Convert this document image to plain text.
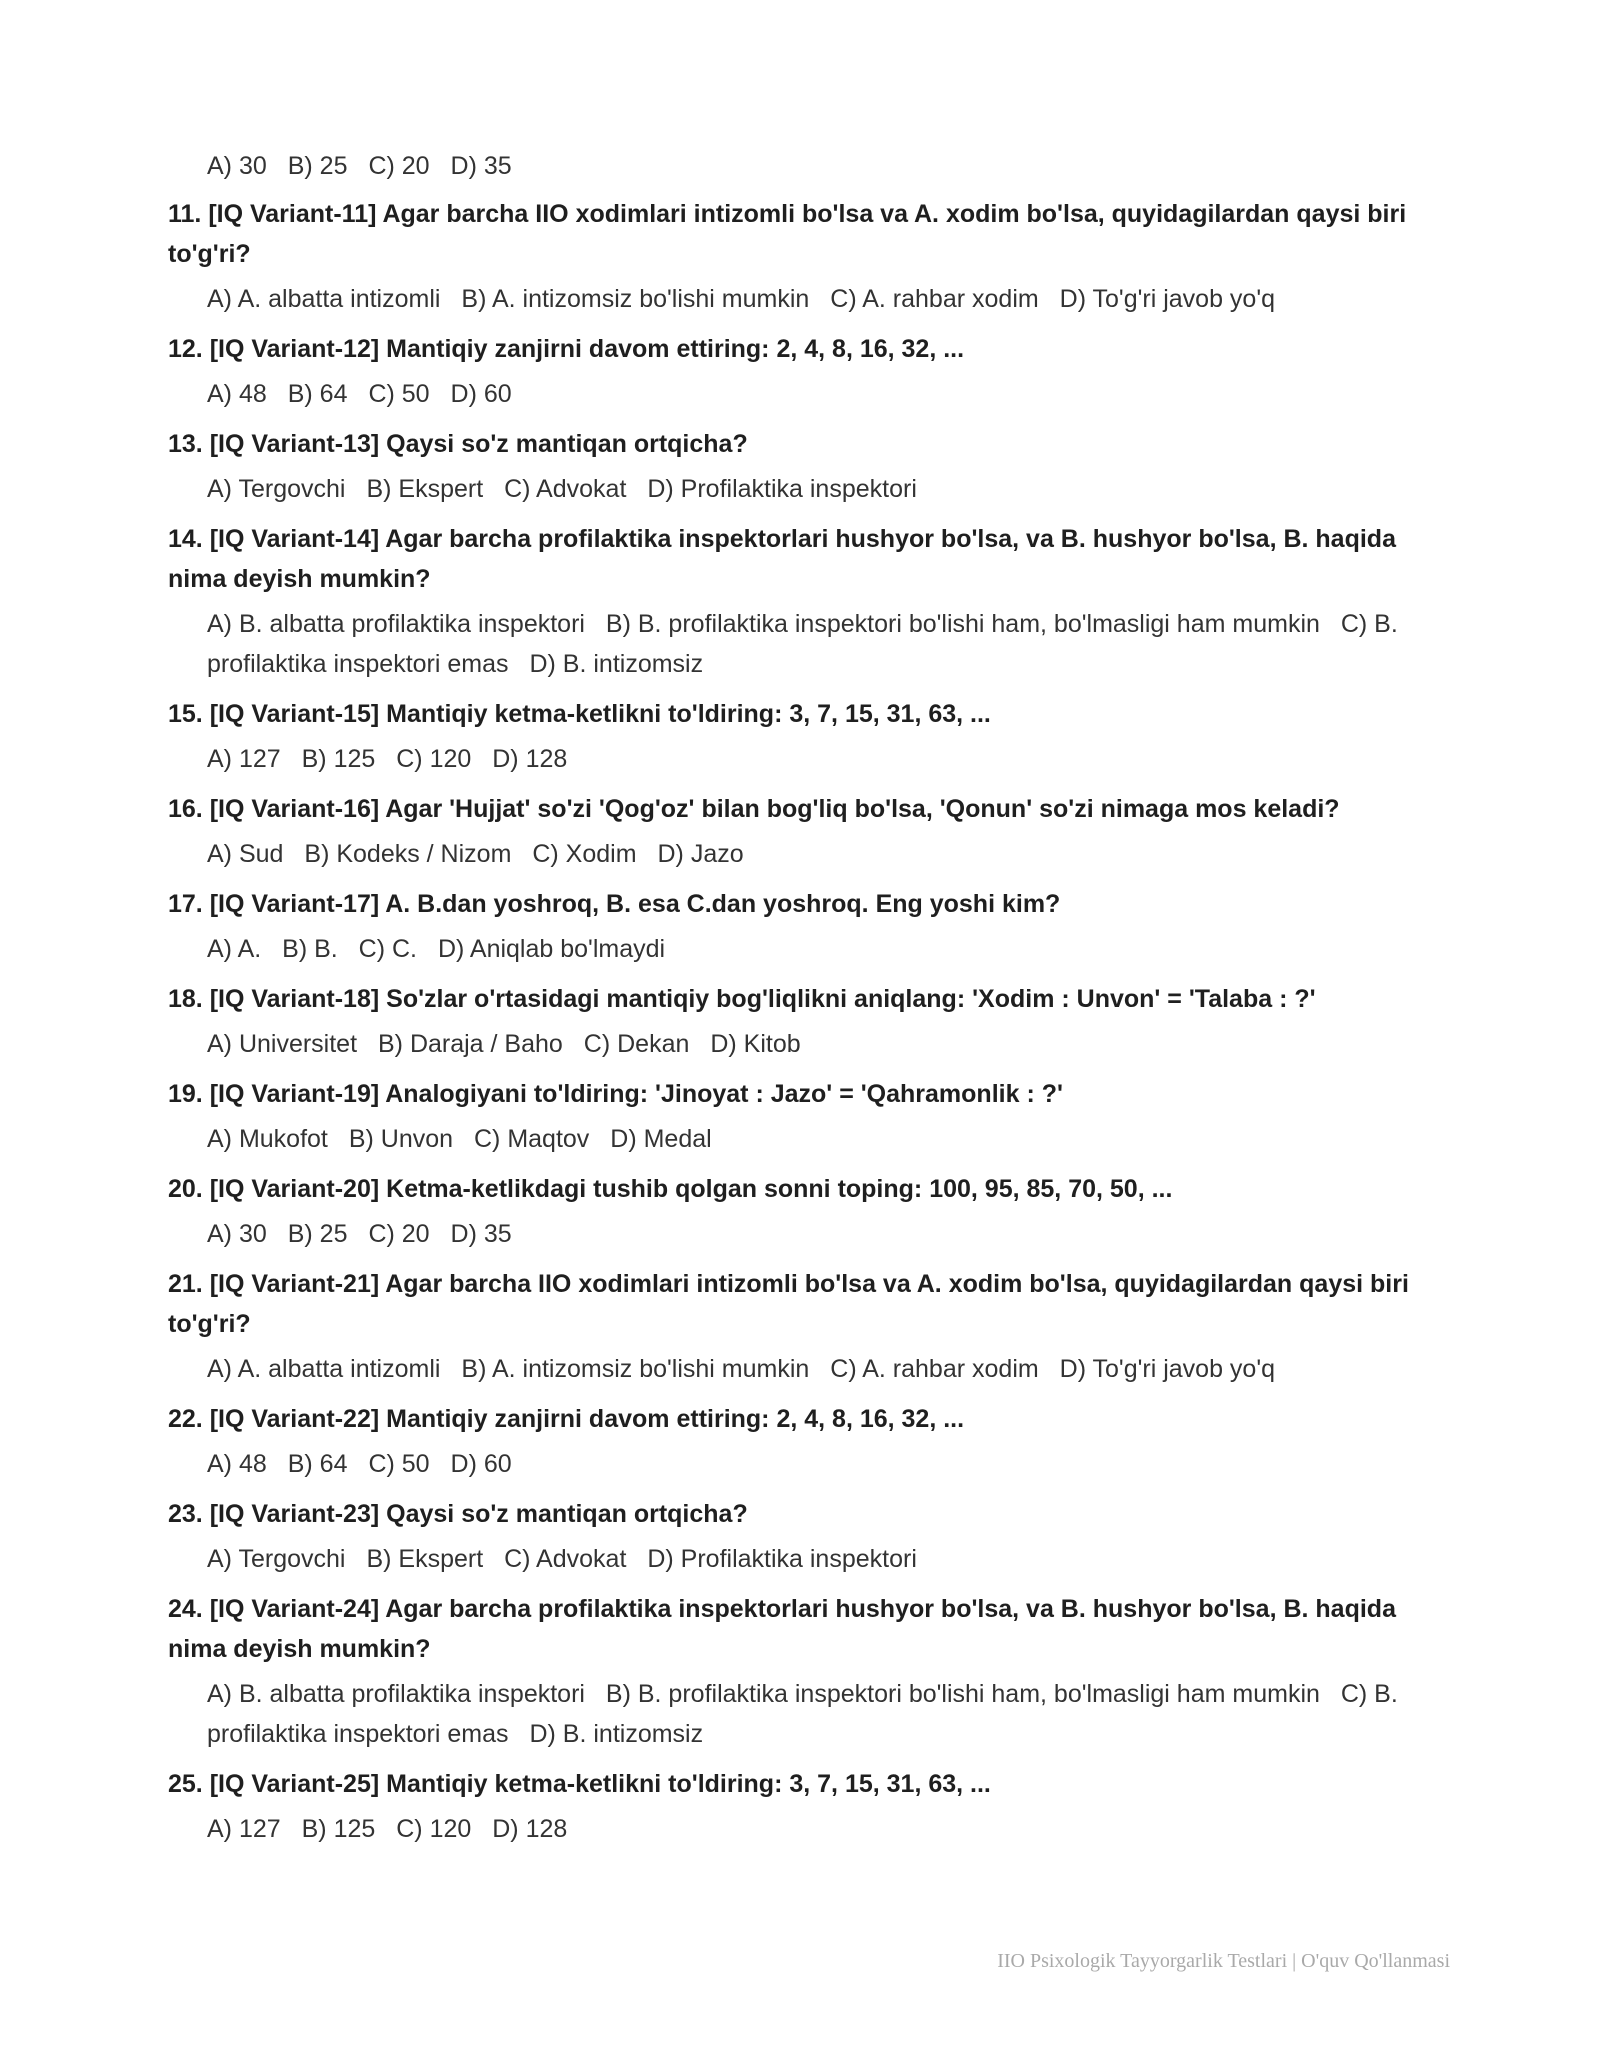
A) 30 B) 25 C) 20 D) 35
11. [IQ Variant-11] Agar barcha IIO xodimlari intizomli bo'lsa va A. xodim bo'lsa, quyidagilardan qaysi biri to'g'ri?
A) A. albatta intizomli B) A. intizomsiz bo'lishi mumkin C) A. rahbar xodim D) To'g'ri javob yo'q
12. [IQ Variant-12] Mantiqiy zanjirni davom ettiring: 2, 4, 8, 16, 32, ...
A) 48 B) 64 C) 50 D) 60
13. [IQ Variant-13] Qaysi so'z mantiqan ortqicha?
A) Tergovchi B) Ekspert C) Advokat D) Profilaktika inspektori
14. [IQ Variant-14] Agar barcha profilaktika inspektorlari hushyor bo'lsa, va B. hushyor bo'lsa, B. haqida nima deyish mumkin?
A) B. albatta profilaktika inspektori B) B. profilaktika inspektori bo'lishi ham, bo'lmasligi ham mumkin C) B. profilaktika inspektori emas D) B. intizomsiz
15. [IQ Variant-15] Mantiqiy ketma-ketlikni to'ldiring: 3, 7, 15, 31, 63, ...
A) 127 B) 125 C) 120 D) 128
16. [IQ Variant-16] Agar 'Hujjat' so'zi 'Qog'oz' bilan bog'liq bo'lsa, 'Qonun' so'zi nimaga mos keladi?
A) Sud B) Kodeks / Nizom C) Xodim D) Jazo
17. [IQ Variant-17] A. B.dan yoshroq, B. esa C.dan yoshroq. Eng yoshi kim?
A) A. B) B. C) C. D) Aniqlab bo'lmaydi
18. [IQ Variant-18] So'zlar o'rtasidagi mantiqiy bog'liqlikni aniqlang: 'Xodim : Unvon' = 'Talaba : ?'
A) Universitet B) Daraja / Baho C) Dekan D) Kitob
19. [IQ Variant-19] Analogiyani to'ldiring: 'Jinoyat : Jazo' = 'Qahramonlik : ?'
A) Mukofot B) Unvon C) Maqtov D) Medal
20. [IQ Variant-20] Ketma-ketlikdagi tushib qolgan sonni toping: 100, 95, 85, 70, 50, ...
A) 30 B) 25 C) 20 D) 35
21. [IQ Variant-21] Agar barcha IIO xodimlari intizomli bo'lsa va A. xodim bo'lsa, quyidagilardan qaysi biri to'g'ri?
A) A. albatta intizomli B) A. intizomsiz bo'lishi mumkin C) A. rahbar xodim D) To'g'ri javob yo'q
22. [IQ Variant-22] Mantiqiy zanjirni davom ettiring: 2, 4, 8, 16, 32, ...
A) 48 B) 64 C) 50 D) 60
23. [IQ Variant-23] Qaysi so'z mantiqan ortqicha?
A) Tergovchi B) Ekspert C) Advokat D) Profilaktika inspektori
24. [IQ Variant-24] Agar barcha profilaktika inspektorlari hushyor bo'lsa, va B. hushyor bo'lsa, B. haqida nima deyish mumkin?
A) B. albatta profilaktika inspektori B) B. profilaktika inspektori bo'lishi ham, bo'lmasligi ham mumkin C) B. profilaktika inspektori emas D) B. intizomsiz
25. [IQ Variant-25] Mantiqiy ketma-ketlikni to'ldiring: 3, 7, 15, 31, 63, ...
A) 127 B) 125 C) 120 D) 128
IIO Psixologik Tayyorgarlik Testlari | O'quv Qo'llanmasi
